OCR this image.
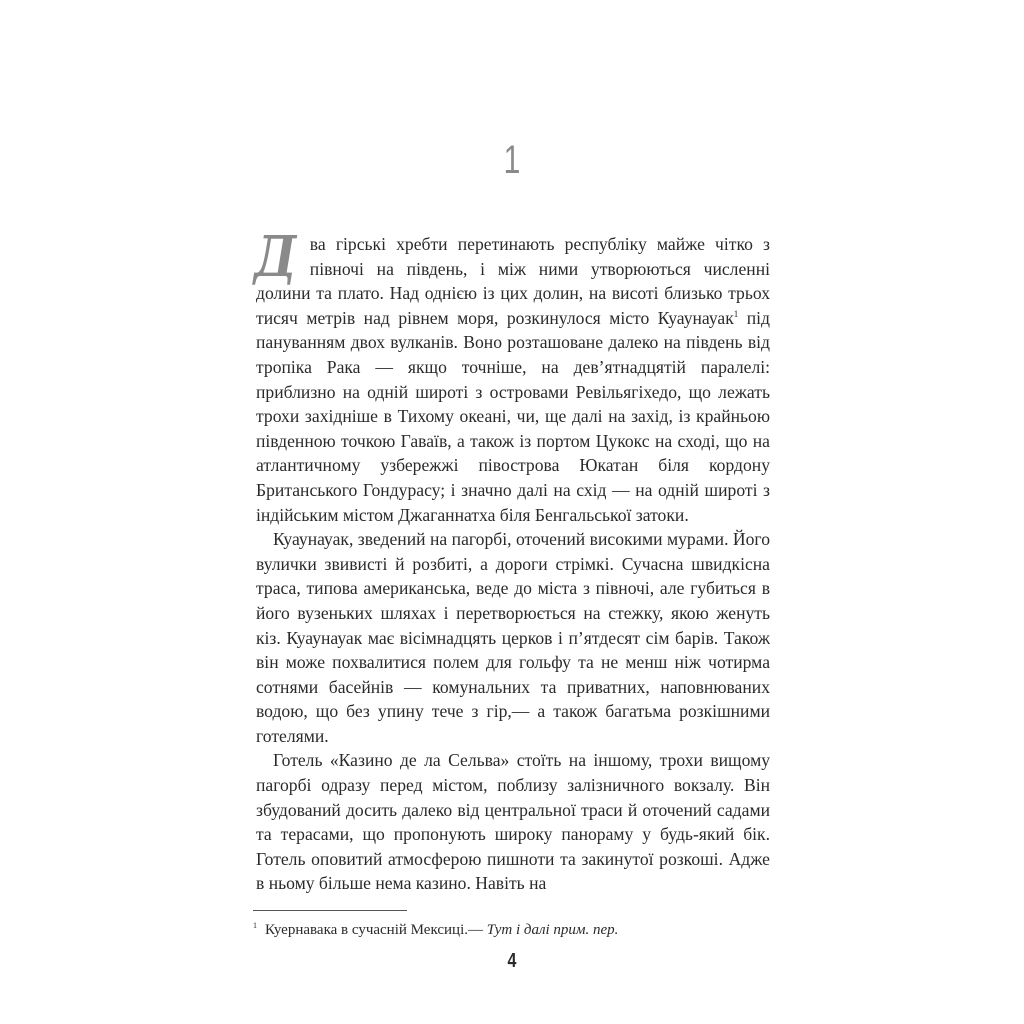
1

Два гірські хребти перетинають республіку майже чітко з півночі на південь, і між ними утворюються численні долини та плато. Над однією із цих долин, на висоті близько трьох тисяч метрів над рівнем моря, розкинулося місто Куаунауак$^1$ під пануванням двох вулканів. Воно розташоване далеко на південь від тропіка Рака — якщо точніше, на дев’ятнадцятій паралелі: приблизно на одній широті з островами Ревільягіхедо, що лежать трохи західніше в Тихому океані, чи, ще далі на захід, із крайньою південною точкою Гаваїв, а також із портом Цукокс на сході, що на атлантичному узбережжі півострова Юкатан біля кордону Британського Гондурасу; і значно далі на схід — на одній широті з індійським містом Джаганнатха біля Бенгальської затоки.

Куаунауак, зведений на пагорбі, оточений високими мурами. Його вулички звивисті й розбиті, а дороги стрімкі. Сучасна швидкісна траса, типова американська, веде до міста з півночі, але губиться в його вузеньких шляхах і перетворюється на стежку, якою женуть кіз. Куаунауак має вісімнадцять церков і п’ятдесят сім барів. Також він може похвалитися полем для гольфу та не менш ніж чотирма сотнями басейнів — комунальних та приватних, наповнюваних водою, що без упину тече з гір,— а також багатьма розкішними готелями.

Готель «Казино де ла Сельва» стоїть на іншому, трохи вищому пагорбі одразу перед містом, поблизу залізничного вокзалу. Він збудований досить далеко від центральної траси й оточений садами та терасами, що пропонують широку панораму у будь-який бік. Готель оповитий атмосферою пишноти та закинутої розкоші. Адже в ньому більше нема казино. Навіть на

$^1$ Куернавака в сучасній Мексиці.— Тут і далі прим. пер.
4
